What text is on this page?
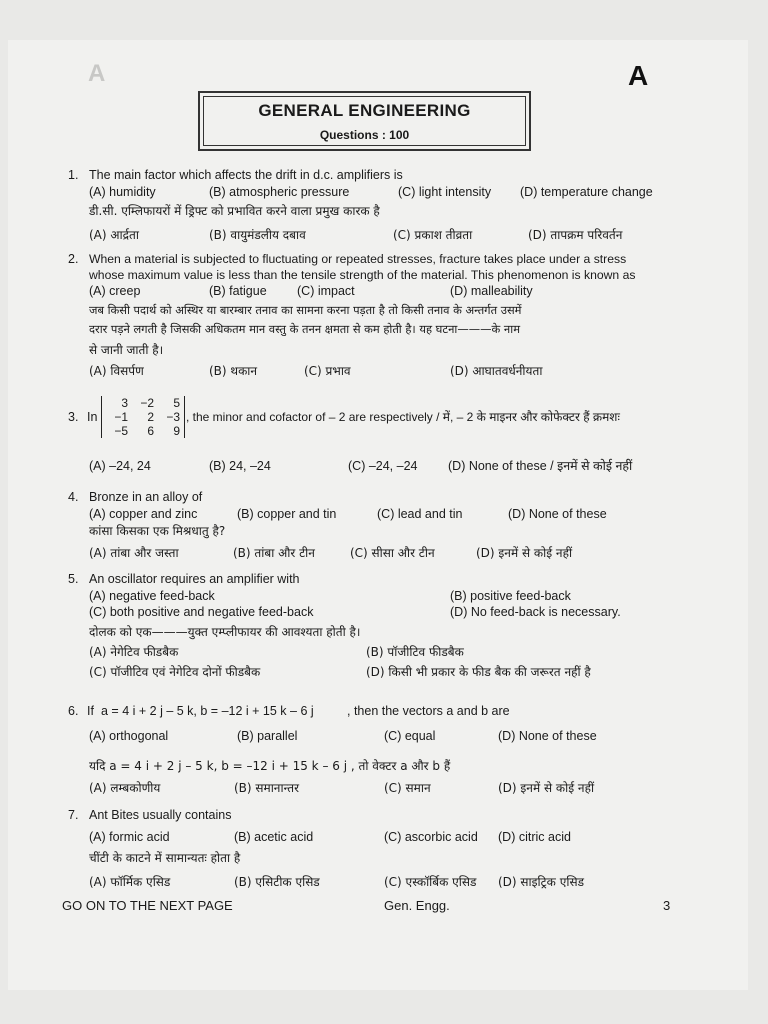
A	A
GENERAL ENGINEERING
Questions : 100
1. The main factor which affects the drift in d.c. amplifiers is
(A) humidity	(B) atmospheric pressure	(C) light intensity (D) temperature change
डी.सी. एम्लिफायरों में ड्रिफ्ट को प्रभावित करने वाला प्रमुख कारक है
(A) आर्द्रता	(B) वायुमंडलीय दबाव	(C) प्रकाश तीव्रता	(D) तापक्रम परिवर्तन
2. When a material is subjected to fluctuating or repeated stresses, fracture takes place under a stress
whose maximum value is less than the tensile strength of the material. This phenomenon is known as
(A) creep	(B) fatigue (C) impact	(D) malleability
जब किसी पदार्थ को अस्थिर या बारम्बार तनाव का सामना करना पड़ता है तो किसी तनाव के अन्तर्गत उसमें
दरार पड़ने लगती है जिसकी अधिकतम मान वस्तु के तनन क्षमता से कम होती है। यह घटना———के नाम
से जानी जाती है।
(A) विसर्पण	(B) थकान	(C) प्रभाव	(D) आघातवर्धनीयता
3. In
3	−2	5
−1	2	−3
−5	6	9
, the minor and cofactor of – 2 are respectively / में, – 2 के माइनर और कोफेक्टर हैं क्रमशः
(A) –24, 24	(B) 24, –24	(C) –24, –24 (D) None of these / इनमें से कोई नहीं
4. Bronze in an alloy of
(A) copper and zinc	(B) copper and tin	(C) lead and tin	(D) None of these
कांसा किसका एक मिश्रधातु है?
(A) तांबा और जस्ता	(B) तांबा और टीन	(C) सीसा और टीन	(D) इनमें से कोई नहीं
5. An oscillator requires an amplifier with
(A) negative feed-back	(B) positive feed-back
(C) both positive and negative feed-back	(D) No feed-back is necessary.
दोलक को एक———युक्त एम्प्लीफायर की आवश्यता होती है।
(A) नेगेटिव फीडबैक	(B) पॉजीटिव फीडबैक
(C) पॉजीटिव एवं नेगेटिव दोनों फीडबैक	(D) किसी भी प्रकार के फीड बैक की जरूरत नहीं है
6. If a = 4 i + 2 j – 5 k, b = –12 i + 15 k – 6 j	, then the vectors a and b are
(A) orthogonal	(B) parallel	(C) equal	(D) None of these
यदि a = 4 i + 2 j – 5 k, b = –12 i + 15 k – 6 j , तो वेक्टर a और b हैं
(A) लम्बकोणीय	(B) समानान्तर	(C) समान	(D) इनमें से कोई नहीं
7. Ant Bites usually contains
(A) formic acid	(B) acetic acid	(C) ascorbic acid (D) citric acid
चींटी के काटने में सामान्यतः होता है
(A) फॉर्मिक एसिड	(B) एसिटीक एसिड	(C) एस्कॉर्बिक एसिड (D) साइट्रिक एसिड
GO ON TO THE NEXT PAGE	Gen. Engg.	3
